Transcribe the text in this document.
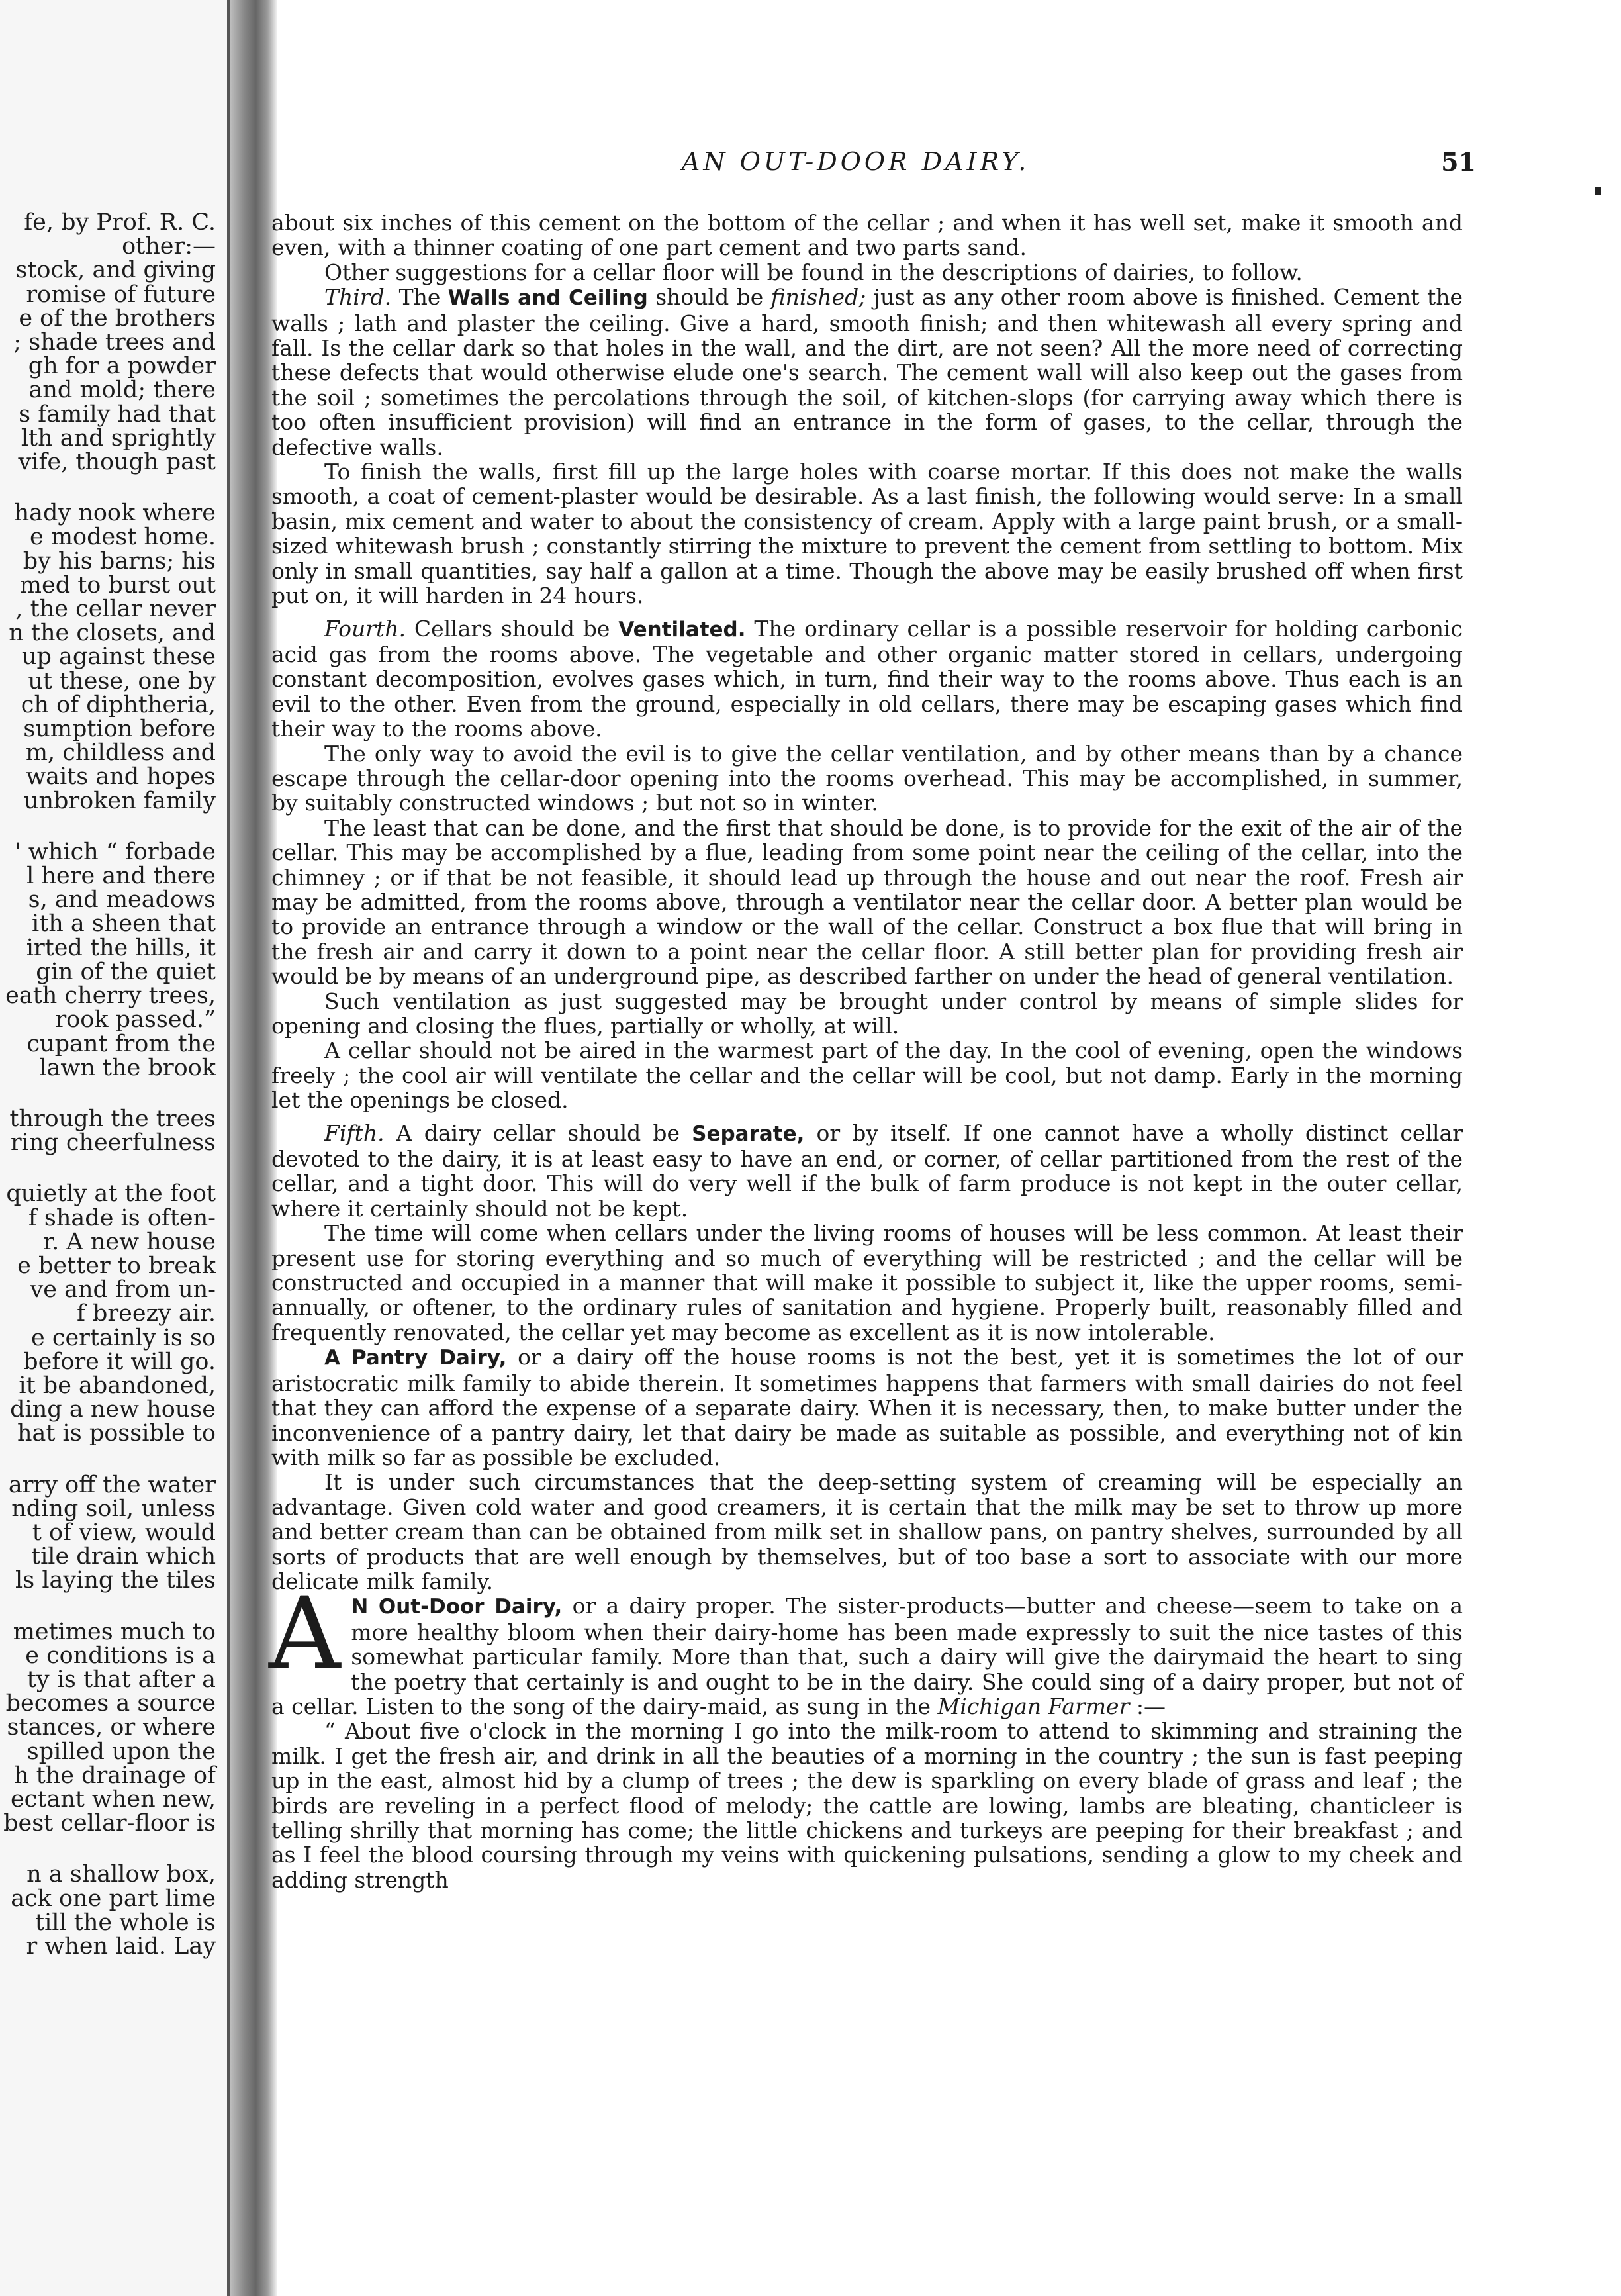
fe, by Prof. R. C.
other:—
stock, and giving
romise of future
e of the brothers
; shade trees and
gh for a powder
and mold; there
s family had that
lth and sprightly
vife, though past
hady nook where
e modest home.
by his barns; his
med to burst out
, the cellar never
n the closets, and
up against these
ut these, one by
ch of diphtheria,
sumption before
m, childless and
waits and hopes
unbroken family
' which “ forbade
l here and there
s, and meadows
ith a sheen that
irted the hills, it
gin of the quiet
eath cherry trees,
rook passed.”
cupant from the
lawn the brook
through the trees
ring cheerfulness
quietly at the foot
f shade is often-
r. A new house
e better to break
ve and from un-
f breezy air.
e certainly is so
before it will go.
it be abandoned,
ding a new house
hat is possible to
arry off the water
nding soil, unless
t of view, would
tile drain which
ls laying the tiles
metimes much to
e conditions is a
ty is that after a
becomes a source
stances, or where
spilled upon the
h the drainage of
ectant when new,
best cellar-floor is
n a shallow box,
ack one part lime
till the whole is
r when laid. Lay
AN OUT-DOOR DAIRY.	51

about six inches of this cement on the bottom of the cellar ; and when it has well set, make it smooth and even, with a thinner coating of one part cement and two parts sand.

Other suggestions for a cellar floor will be found in the descriptions of dairies, to follow.

Third. The Walls and Ceiling should be finished; just as any other room above is finished. Cement the walls ; lath and plaster the ceiling. Give a hard, smooth finish; and then whitewash all every spring and fall. Is the cellar dark so that holes in the wall, and the dirt, are not seen? All the more need of correcting these defects that would otherwise elude one's search. The cement wall will also keep out the gases from the soil ; sometimes the percolations through the soil, of kitchen-slops (for carrying away which there is too often insufficient provision) will find an entrance in the form of gases, to the cellar, through the defective walls.

To finish the walls, first fill up the large holes with coarse mortar. If this does not make the walls smooth, a coat of cement-plaster would be desirable. As a last finish, the following would serve: In a small basin, mix cement and water to about the consistency of cream. Apply with a large paint brush, or a small-sized whitewash brush ; constantly stirring the mixture to prevent the cement from settling to bottom. Mix only in small quantities, say half a gallon at a time. Though the above may be easily brushed off when first put on, it will harden in 24 hours.

Fourth. Cellars should be Ventilated. The ordinary cellar is a possible reservoir for holding carbonic acid gas from the rooms above. The vegetable and other organic matter stored in cellars, undergoing constant decomposition, evolves gases which, in turn, find their way to the rooms above. Thus each is an evil to the other. Even from the ground, especially in old cellars, there may be escaping gases which find their way to the rooms above.

The only way to avoid the evil is to give the cellar ventilation, and by other means than by a chance escape through the cellar-door opening into the rooms overhead. This may be accomplished, in summer, by suitably constructed windows ; but not so in winter.

The least that can be done, and the first that should be done, is to provide for the exit of the air of the cellar. This may be accomplished by a flue, leading from some point near the ceiling of the cellar, into the chimney ; or if that be not feasible, it should lead up through the house and out near the roof. Fresh air may be admitted, from the rooms above, through a ventilator near the cellar door. A better plan would be to provide an entrance through a window or the wall of the cellar. Construct a box flue that will bring in the fresh air and carry it down to a point near the cellar floor. A still better plan for providing fresh air would be by means of an underground pipe, as described farther on under the head of general ventilation.

Such ventilation as just suggested may be brought under control by means of simple slides for opening and closing the flues, partially or wholly, at will.

A cellar should not be aired in the warmest part of the day. In the cool of evening, open the windows freely ; the cool air will ventilate the cellar and the cellar will be cool, but not damp. Early in the morning let the openings be closed.

Fifth. A dairy cellar should be Separate, or by itself. If one cannot have a wholly distinct cellar devoted to the dairy, it is at least easy to have an end, or corner, of cellar partitioned from the rest of the cellar, and a tight door. This will do very well if the bulk of farm produce is not kept in the outer cellar, where it certainly should not be kept.

The time will come when cellars under the living rooms of houses will be less common. At least their present use for storing everything and so much of everything will be restricted ; and the cellar will be constructed and occupied in a manner that will make it possible to subject it, like the upper rooms, semi-annually, or oftener, to the ordinary rules of sanitation and hygiene. Properly built, reasonably filled and frequently renovated, the cellar yet may become as excellent as it is now intolerable.

A Pantry Dairy, or a dairy off the house rooms is not the best, yet it is sometimes the lot of our aristocratic milk family to abide therein. It sometimes happens that farmers with small dairies do not feel that they can afford the expense of a separate dairy. When it is necessary, then, to make butter under the inconvenience of a pantry dairy, let that dairy be made as suitable as possible, and everything not of kin with milk so far as possible be excluded.

It is under such circumstances that the deep-setting system of creaming will be especially an advantage. Given cold water and good creamers, it is certain that the milk may be set to throw up more and better cream than can be obtained from milk set in shallow pans, on pantry shelves, surrounded by all sorts of products that are well enough by themselves, but of too base a sort to associate with our more delicate milk family.

A N Out-Door Dairy, or a dairy proper. The sister-products—butter and cheese—seem to take on a more healthy bloom when their dairy-home has been made expressly to suit the nice tastes of this somewhat particular family. More than that, such a dairy will give the dairymaid the heart to sing the poetry that certainly is and ought to be in the dairy. She could sing of a dairy proper, but not of a cellar. Listen to the song of the dairy-maid, as sung in the Michigan Farmer :—

“ About five o'clock in the morning I go into the milk-room to attend to skimming and straining the milk. I get the fresh air, and drink in all the beauties of a morning in the country ; the sun is fast peeping up in the east, almost hid by a clump of trees ; the dew is sparkling on every blade of grass and leaf ; the birds are reveling in a perfect flood of melody; the cattle are lowing, lambs are bleating, chanticleer is telling shrilly that morning has come; the little chickens and turkeys are peeping for their breakfast ; and as I feel the blood coursing through my veins with quickening pulsations, sending a glow to my cheek and adding strength
